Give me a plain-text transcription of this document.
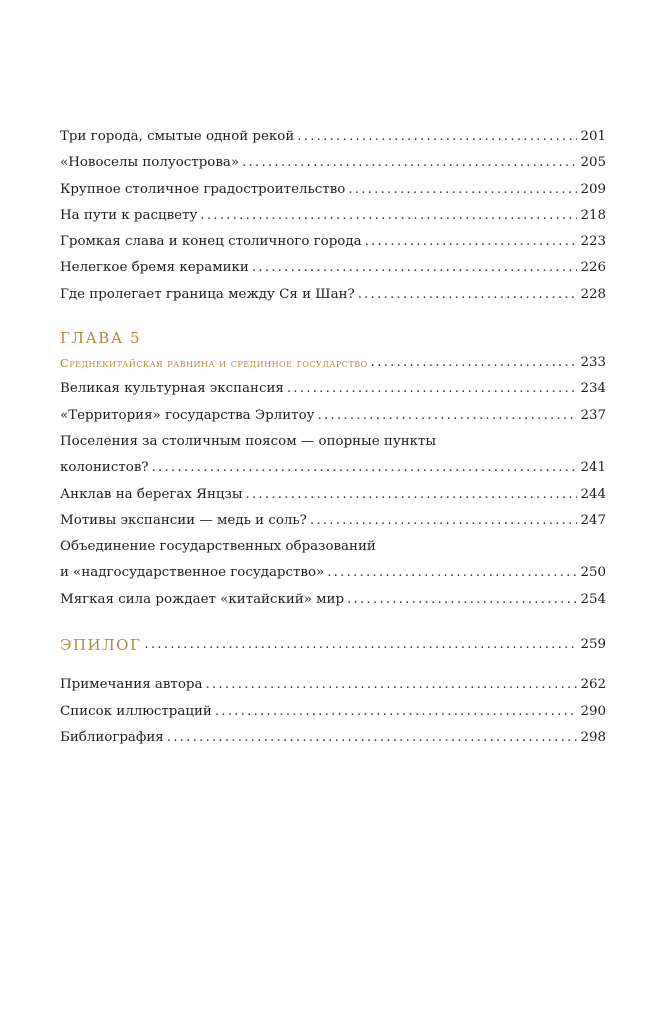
Три города, смытые одной рекой .....	201
«Новоселы полуострова» .....	205
Крупное столичное градостроительство .....	209
На пути к расцвету .....	218
Громкая слава и конец столичного города .....	223
Нелегкое бремя керамики .....	226
Где пролегает граница между Ся и Шан? .....	228
ГЛАВА 5
Среднекитайская равнина и срединное государство .....	233
Великая культурная экспансия .....	234
«Территория» государства Эрлитоу .....	237
Поселения за столичным поясом — опорные пункты
колонистов? .....	241
Анклав на берегах Янцзы .....	244
Мотивы экспансии — медь и соль? .....	247
Объединение государственных образований
и «надгосударственное государство» .....	250
Мягкая сила рождает «китайский» мир .....	254
ЭПИЛОГ .....	259
Примечания автора .....	262
Список иллюстраций .....	290
Библиография .....	298
